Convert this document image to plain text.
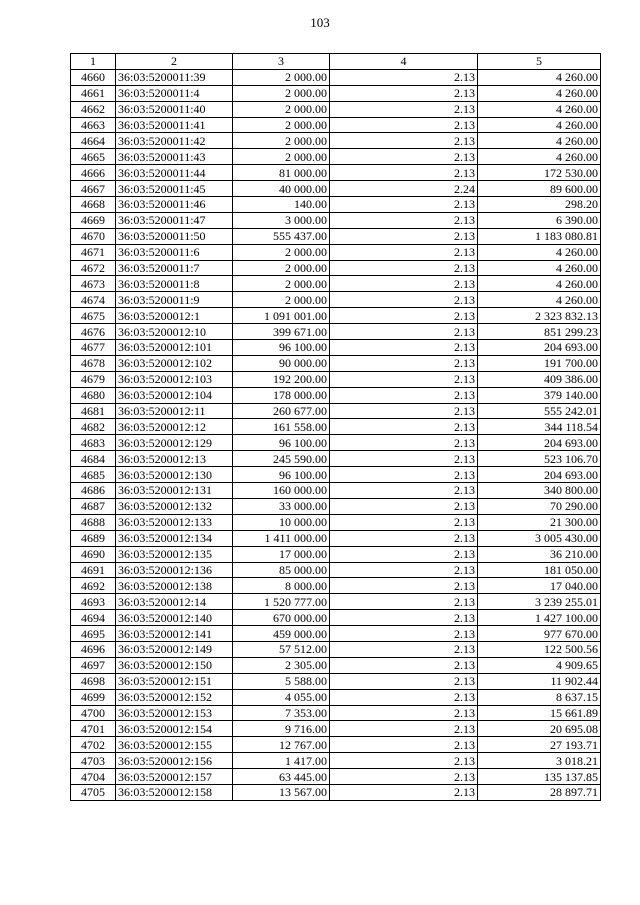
103
1	2	3	4	5
4660	36:03:5200011:39	2 000.00	2.13	4 260.00
4661	36:03:5200011:4	2 000.00	2.13	4 260.00
4662	36:03:5200011:40	2 000.00	2.13	4 260.00
4663	36:03:5200011:41	2 000.00	2.13	4 260.00
4664	36:03:5200011:42	2 000.00	2.13	4 260.00
4665	36:03:5200011:43	2 000.00	2.13	4 260.00
4666	36:03:5200011:44	81 000.00	2.13	172 530.00
4667	36:03:5200011:45	40 000.00	2.24	89 600.00
4668	36:03:5200011:46	140.00	2.13	298.20
4669	36:03:5200011:47	3 000.00	2.13	6 390.00
4670	36:03:5200011:50	555 437.00	2.13	1 183 080.81
4671	36:03:5200011:6	2 000.00	2.13	4 260.00
4672	36:03:5200011:7	2 000.00	2.13	4 260.00
4673	36:03:5200011:8	2 000.00	2.13	4 260.00
4674	36:03:5200011:9	2 000.00	2.13	4 260.00
4675	36:03:5200012:1	1 091 001.00	2.13	2 323 832.13
4676	36:03:5200012:10	399 671.00	2.13	851 299.23
4677	36:03:5200012:101	96 100.00	2.13	204 693.00
4678	36:03:5200012:102	90 000.00	2.13	191 700.00
4679	36:03:5200012:103	192 200.00	2.13	409 386.00
4680	36:03:5200012:104	178 000.00	2.13	379 140.00
4681	36:03:5200012:11	260 677.00	2.13	555 242.01
4682	36:03:5200012:12	161 558.00	2.13	344 118.54
4683	36:03:5200012:129	96 100.00	2.13	204 693.00
4684	36:03:5200012:13	245 590.00	2.13	523 106.70
4685	36:03:5200012:130	96 100.00	2.13	204 693.00
4686	36:03:5200012:131	160 000.00	2.13	340 800.00
4687	36:03:5200012:132	33 000.00	2.13	70 290.00
4688	36:03:5200012:133	10 000.00	2.13	21 300.00
4689	36:03:5200012:134	1 411 000.00	2.13	3 005 430.00
4690	36:03:5200012:135	17 000.00	2.13	36 210.00
4691	36:03:5200012:136	85 000.00	2.13	181 050.00
4692	36:03:5200012:138	8 000.00	2.13	17 040.00
4693	36:03:5200012:14	1 520 777.00	2.13	3 239 255.01
4694	36:03:5200012:140	670 000.00	2.13	1 427 100.00
4695	36:03:5200012:141	459 000.00	2.13	977 670.00
4696	36:03:5200012:149	57 512.00	2.13	122 500.56
4697	36:03:5200012:150	2 305.00	2.13	4 909.65
4698	36:03:5200012:151	5 588.00	2.13	11 902.44
4699	36:03:5200012:152	4 055.00	2.13	8 637.15
4700	36:03:5200012:153	7 353.00	2.13	15 661.89
4701	36:03:5200012:154	9 716.00	2.13	20 695.08
4702	36:03:5200012:155	12 767.00	2.13	27 193.71
4703	36:03:5200012:156	1 417.00	2.13	3 018.21
4704	36:03:5200012:157	63 445.00	2.13	135 137.85
4705	36:03:5200012:158	13 567.00	2.13	28 897.71
